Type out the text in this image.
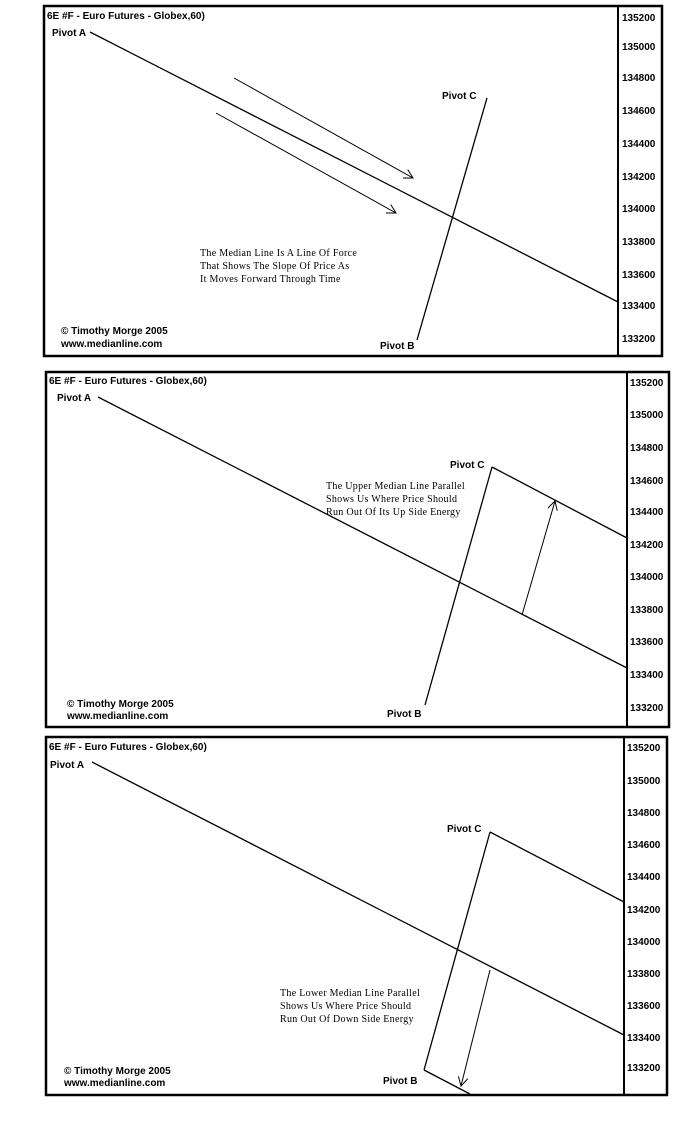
6E #F - Euro Futures - Globex,60)	135200
135000
134800
134600
134400
134200
134000
133800
133600
133400
133200
Pivot A
Pivot C
Pivot B
The Median Line Is A Line Of Force
That Shows The Slope Of Price As
It Moves Forward Through Time
© Timothy Morge 2005
www.medianline.com
6E #F - Euro Futures - Globex,60)	135200
135000
134800
134600
134400
134200
134000
133800
133600
133400
133200
Pivot A
Pivot C
Pivot B
The Upper Median Line Parallel
Shows Us Where Price Should
Run Out Of Its Up Side Energy
© Timothy Morge 2005
www.medianline.com
6E #F - Euro Futures - Globex,60)	135200
135000
134800
134600
134400
134200
134000
133800
133600
133400
133200
Pivot A
Pivot C
Pivot B
The Lower Median Line Parallel
Shows Us Where Price Should
Run Out Of Down Side Energy
© Timothy Morge 2005
www.medianline.com
